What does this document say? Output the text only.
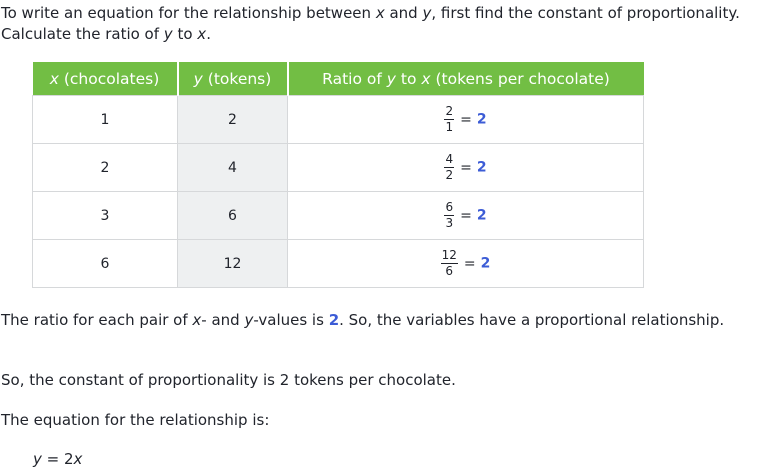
To write an equation for the relationship between x and y, first find the constant of proportionality. Calculate the ratio of y to x.

x (chocolates)	y (tokens)	Ratio of y to x (tokens per chocolate)
1	2	$\frac{2}{1} = 2$
2	4	$\frac{4}{2} = 2$
3	6	$\frac{6}{3} = 2$
6	12	$\frac{12}{6} = 2$

The ratio for each pair of x- and y-values is 2. So, the variables have a proportional relationship.

So, the constant of proportionality is 2 tokens per chocolate.

The equation for the relationship is:

y = 2x
